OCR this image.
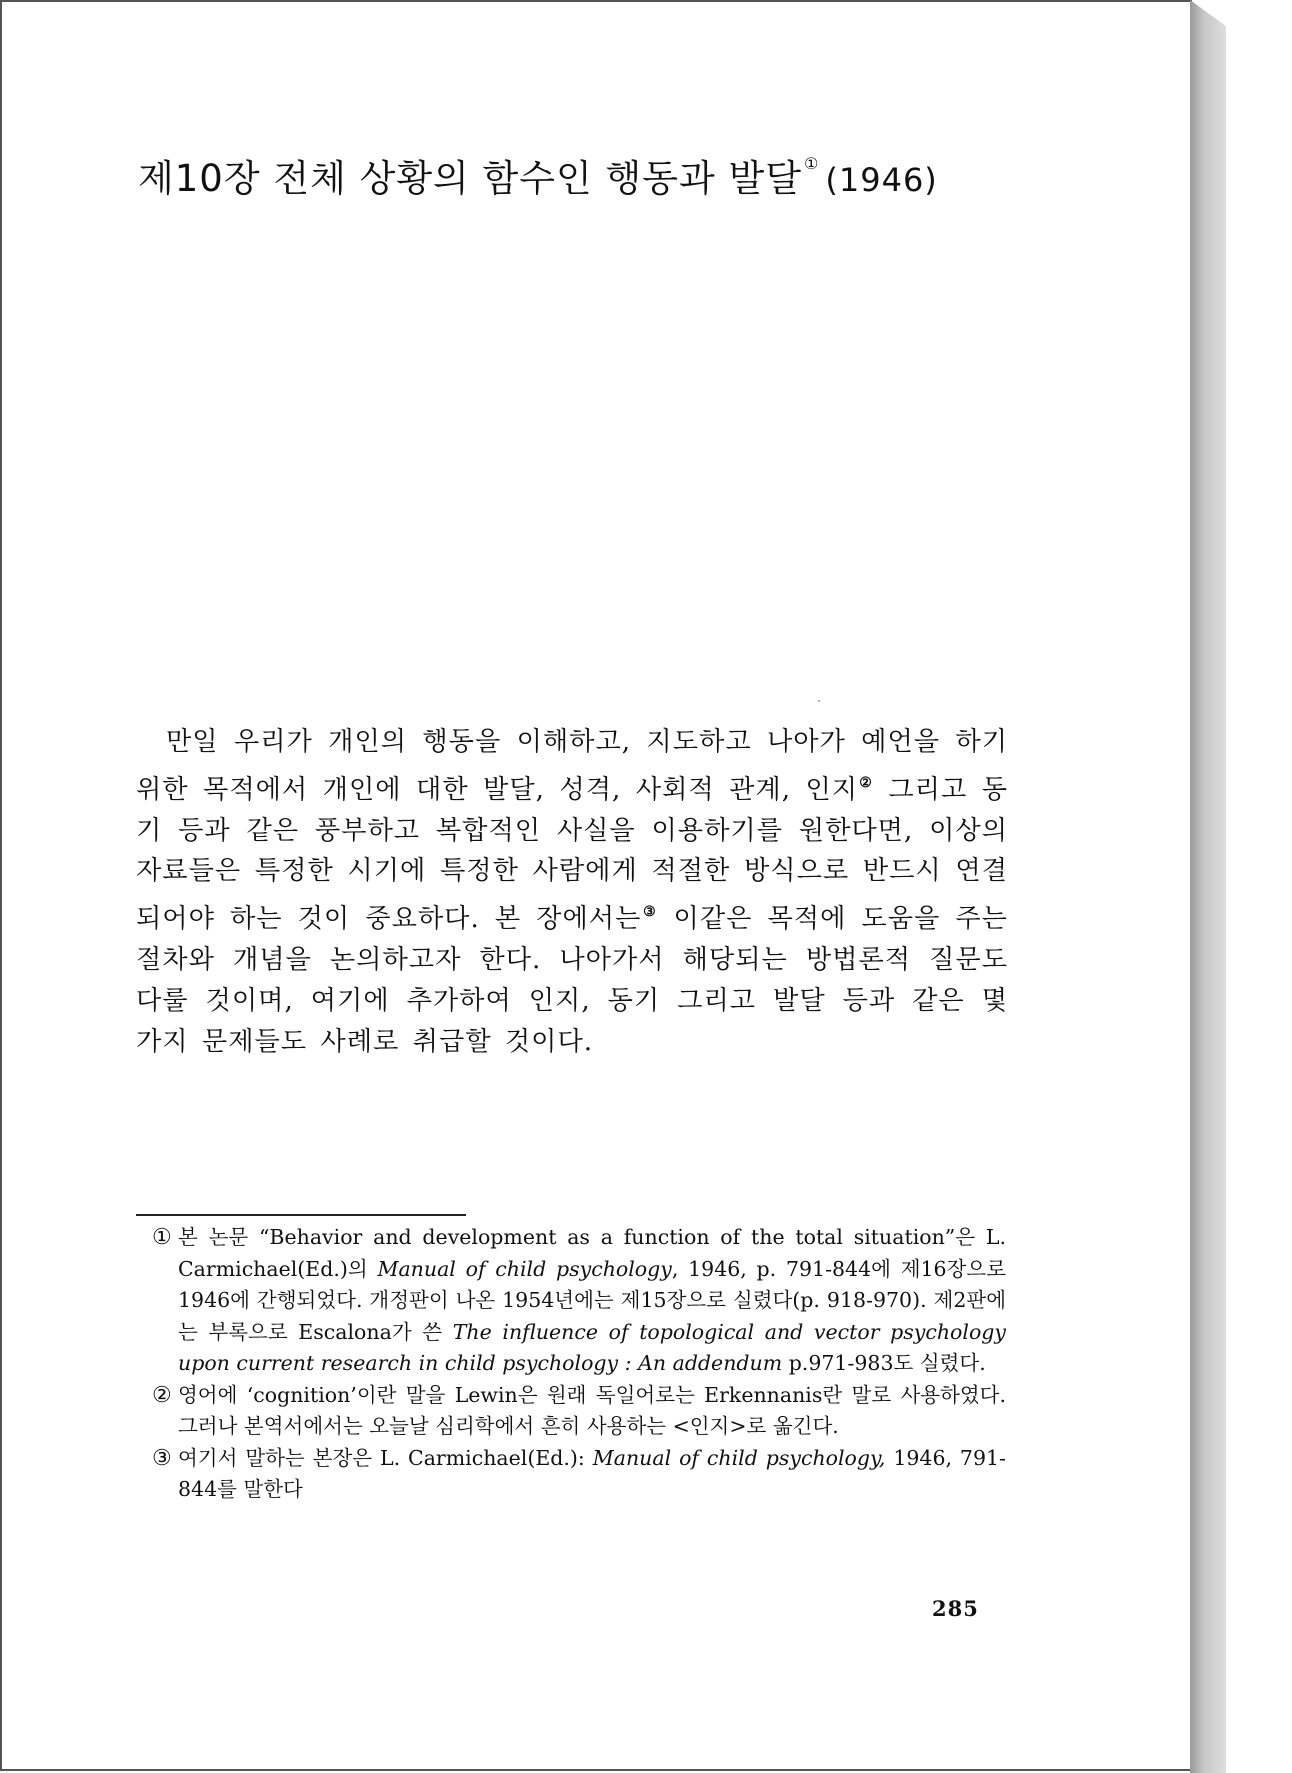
제10장 전체 상황의 함수인 행동과 발달 ① (1946)

만일 우리가 개인의 행동을 이해하고, 지도하고 나아가 예언을 하기 위한 목적에서 개인에 대한 발달, 성격, 사회적 관계, 인지② 그리고 동기 등과 같은 풍부하고 복합적인 사실을 이용하기를 원한다면, 이상의 자료들은 특정한 시기에 특정한 사람에게 적절한 방식으로 반드시 연결되어야 하는 것이 중요하다. 본 장에서는③ 이같은 목적에 도움을 주는 절차와 개념을 논의하고자 한다. 나아가서 해당되는 방법론적 질문도 다룰 것이며, 여기에 추가하여 인지, 동기 그리고 발달 등과 같은 몇 가지 문제들도 사례로 취급할 것이다.

① 본 논문 “Behavior and development as a function of the total situation”은 L. Carmichael(Ed.)의 Manual of child psychology, 1946, p. 791-844에 제16장으로 1946에 간행되었다. 개정판이 나온 1954년에는 제15장으로 실렸다(p. 918-970). 제2판에는 부록으로 Escalona가 쓴 The influence of topological and vector psychology upon current research in child psychology : An addendum p.971-983도 실렸다.
② 영어에 ‘cognition’이란 말을 Lewin은 원래 독일어로는 Erkennanis란 말로 사용하였다. 그러나 본역서에서는 오늘날 심리학에서 흔히 사용하는 <인지>로 옮긴다.
③ 여기서 말하는 본장은 L. Carmichael(Ed.): Manual of child psychology, 1946, 791-844를 말한다
285
